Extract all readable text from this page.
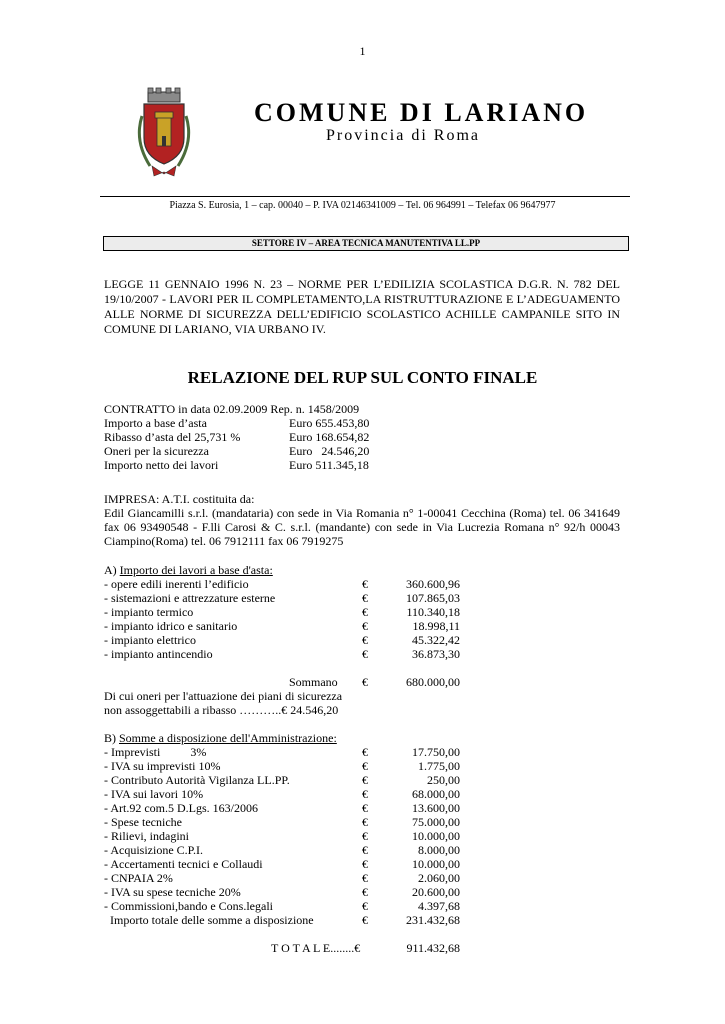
1
COMUNE DI LARIANO
Provincia di Roma
Piazza S. Eurosia, 1 – cap. 00040 – P. IVA 02146341009 – Tel. 06 964991 – Telefax 06 9647977
SETTORE IV – AREA TECNICA MANUTENTIVA LL.PP
LEGGE 11 GENNAIO 1996 N. 23 – NORME PER L’EDILIZIA SCOLASTICA D.G.R. N. 782 DEL 19/10/2007 - LAVORI PER IL COMPLETAMENTO,LA RISTRUTTURAZIONE E L’ADEGUAMENTO ALLE NORME DI SICUREZZA DELL’EDIFICIO SCOLASTICO ACHILLE CAMPANILE SITO IN COMUNE DI LARIANO, VIA URBANO IV.
RELAZIONE DEL RUP SUL CONTO FINALE
CONTRATTO in data 02.09.2009 Rep. n. 1458/2009
Importo a base d’asta	Euro 655.453,80
Ribasso d’asta del 25,731 %	Euro 168.654,82
Oneri per la sicurezza	Euro   24.546,20
Importo netto dei lavori	Euro 511.345,18
IMPRESA: A.T.I. costituita da:
Edil Giancamilli s.r.l. (mandataria) con sede in Via Romania n° 1-00041 Cecchina (Roma) tel. 06 341649 fax 06 93490548 - F.lli Carosi & C. s.r.l. (mandante) con sede in Via Lucrezia Romana n° 92/h 00043 Ciampino(Roma) tel. 06 7912111 fax 06 7919275
A) Importo dei lavori a base d'asta:
- opere edili inerenti l’edificio	€	360.600,96
- sistemazioni e attrezzature esterne	€	107.865,03
- impianto termico	€	110.340,18
- impianto idrico e sanitario	€	18.998,11
- impianto elettrico	€	45.322,42
- impianto antincendio	€	36.873,30
Sommano €	680.000,00
Di cui oneri per l'attuazione dei piani di sicurezza
non assoggettabili a ribasso ………..€ 24.546,20
B) Somme a disposizione dell'Amministrazione:
- Imprevisti          3%	€	17.750,00
- IVA su imprevisti 10%	€	1.775,00
- Contributo Autorità Vigilanza LL.PP.	€	250,00
- IVA sui lavori 10%	€	68.000,00
- Art.92 com.5 D.Lgs. 163/2006	€	13.600,00
- Spese tecniche	€	75.000,00
- Rilievi, indagini	€	10.000,00
- Acquisizione C.P.I.	€	8.000,00
- Accertamenti tecnici e Collaudi	€	10.000,00
- CNPAIA 2%	€	2.060,00
- IVA su spese tecniche 20%	€	20.600,00
- Commissioni,bando e Cons.legali	€	4.397,68
Importo totale delle somme a disposizione	€	231.432,68
T O T A L E........€	911.432,68
